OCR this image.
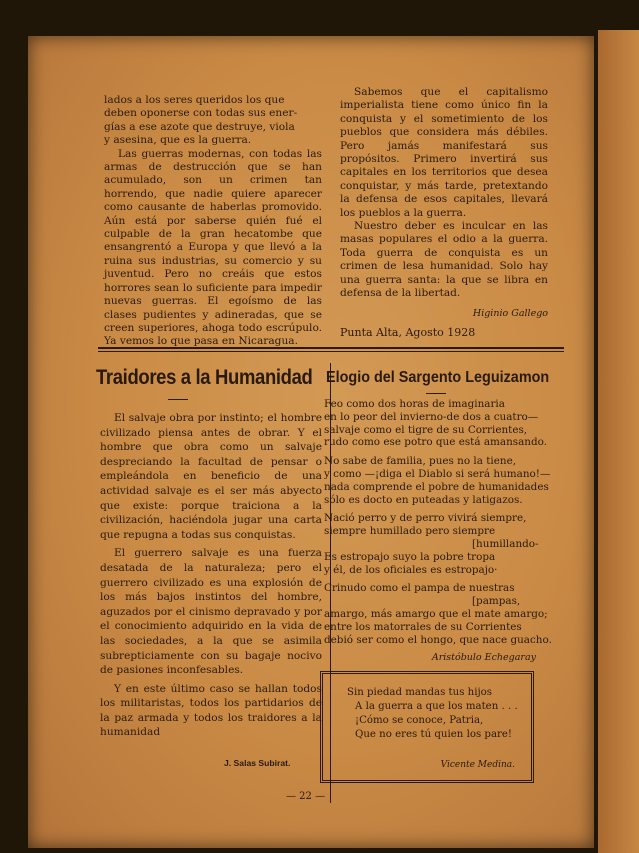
lados a los seres queridos los que

deben oponerse con todas sus ener-

gías a ese azote que destruye, viola

y asesina, que es la guerra.

Las guerras modernas, con todas las armas de destrucción que se han acumulado, son un crimen tan horrendo, que nadie quiere aparecer como causante de haberlas promovido. Aún está por saberse quién fué el culpable de la gran hecatombe que ensangrentó a Europa y que llevó a la ruina sus industrias, su comercio y su juventud. Pero no creáis que estos horrores sean lo suficiente para impedir nuevas guerras. El egoísmo de las clases pudientes y adineradas, que se creen superiores, ahoga todo escrúpulo. Ya vemos lo que pasa en Nicaragua.

Sabemos que el capitalismo imperialista tiene como único fin la conquista y el sometimiento de los pueblos que considera más débiles. Pero jamás manifestará sus propósitos. Primero invertirá sus capitales en los territorios que desea conquistar, y más tarde, pretextando la defensa de esos capitales, llevará los pueblos a la guerra.

Nuestro deber es inculcar en las masas populares el odio a la guerra. Toda guerra de conquista es un crimen de lesa humanidad. Solo hay una guerra santa: la que se libra en defensa de la libertad.

Higinio Gallego
Punta Alta, Agosto 1928
Traidores a la Humanidad

El salvaje obra por instinto; el hombre civilizado piensa antes de obrar. Y el hombre que obra como un salvaje despreciando la facultad de pensar o empleándola en beneficio de una actividad salvaje es el ser más abyecto que existe: porque traiciona a la civilización, haciéndola jugar una carta que repugna a todas sus conquistas.

El guerrero salvaje es una fuerza desatada de la naturaleza; pero el guerrero civilizado es una explosión de los más bajos instintos del hombre, aguzados por el cinismo depravado y por el conocimiento adquirido en la vida de las sociedades, a la que se asimila subrepticiamente con su bagaje nocivo de pasiones inconfesables.

Y en este último caso se hallan todos los militaristas, todos los partidarios de la paz armada y todos los traidores a la humanidad

J. Salas Subirat.
Elogio del Sargento Leguizamon
Feo como dos horas de imaginaria
en lo peor del invierno-de dos a cuatro—
salvaje como el tigre de su Corrientes,
rudo como ese potro que está amansando.
No sabe de familia, pues no la tiene,
y como —¡diga el Diablo si será humano!—
nada comprende el pobre de humanidades
sólo es docto en puteadas y latigazos.
Nació perro y de perro vivirá siempre,
siempre humillado pero siempre
[humillando-
Es estropajo suyo la pobre tropa
y él, de los oficiales es estropajo·
Crinudo como el pampa de nuestras
[pampas,
amargo, más amargo que el mate amargo;
entre los matorrales de su Corrientes
debió ser como el hongo, que nace guacho.
Aristóbulo Echegaray
Sin piedad mandas tus hijos
A la guerra a que los maten . . .
¡Cómo se conoce, Patria,
Que no eres tú quien los pare!
Vicente Medina.
— 22 —
